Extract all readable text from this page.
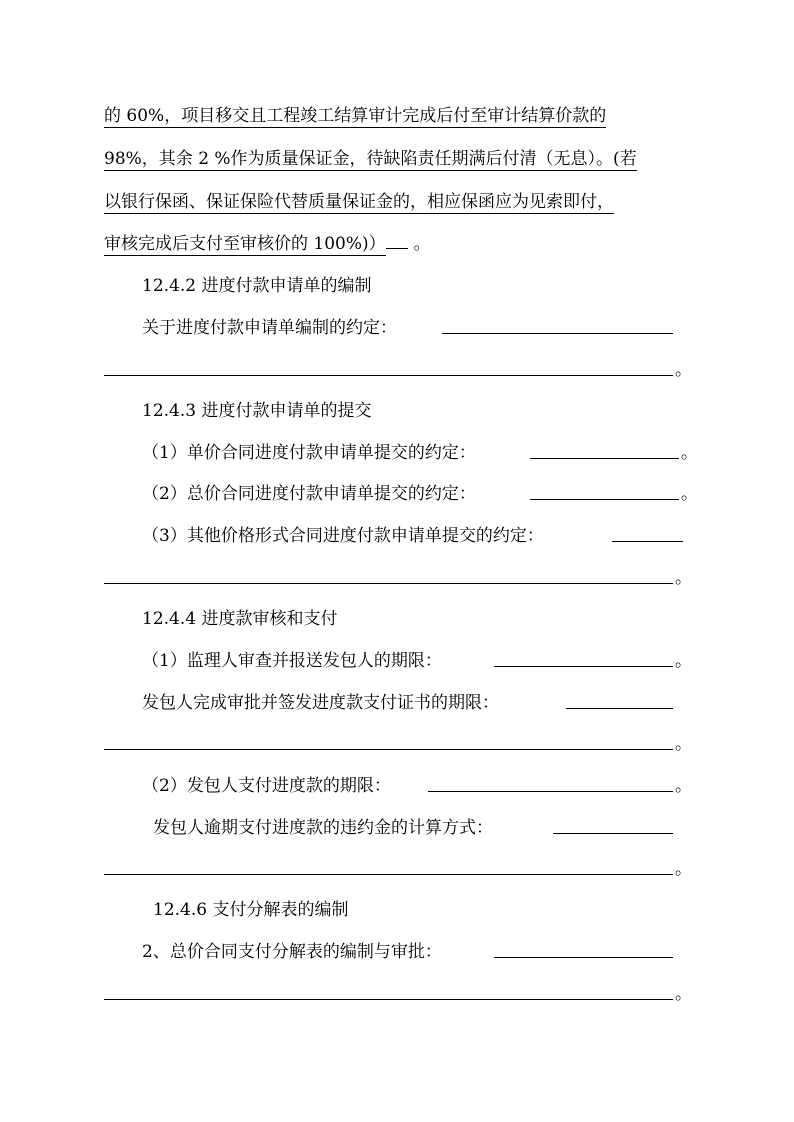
的 60%，项目移交且工程竣工结算审计完成后付至审计结算价款的
98%，其余 2 %作为质量保证金，待缺陷责任期满后付清（无息）。(若
以银行保函、保证保险代替质量保证金的，相应保函应为见索即付，
审核完成后支付至审核价的 100%)） 。
12.4.2 进度付款申请单的编制
关于进度付款申请单编制的约定：
。
12.4.3 进度付款申请单的提交
（1）单价合同进度付款申请单提交的约定：	。
（2）总价合同进度付款申请单提交的约定：	。
（3）其他价格形式合同进度付款申请单提交的约定：
。
12.4.4 进度款审核和支付
（1）监理人审查并报送发包人的期限：	。
发包人完成审批并签发进度款支付证书的期限：
。
（2）发包人支付进度款的期限：	。
发包人逾期支付进度款的违约金的计算方式：
。
12.4.6 支付分解表的编制
2、总价合同支付分解表的编制与审批：
。
